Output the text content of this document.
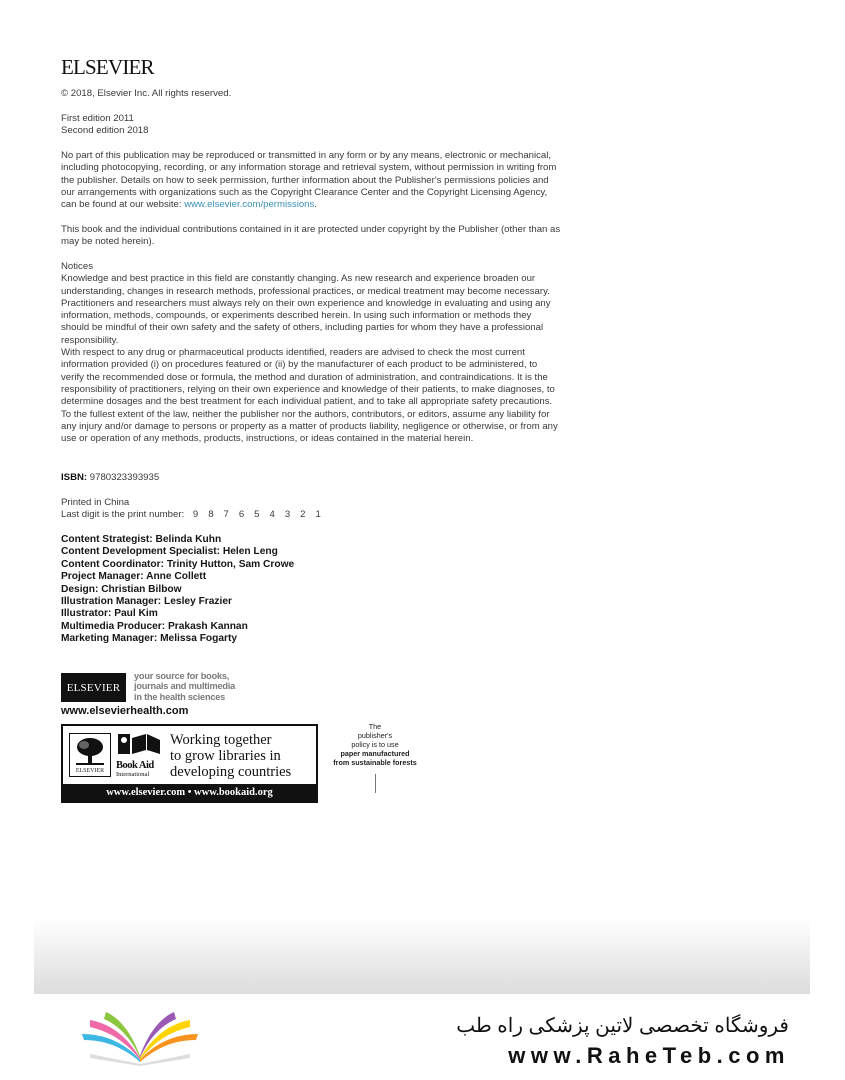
ELSEVIER
© 2018, Elsevier Inc. All rights reserved.
First edition 2011
Second edition 2018

No part of this publication may be reproduced or transmitted in any form or by any means, electronic or mechanical, including photocopying, recording, or any information storage and retrieval system, without permission in writing from the publisher. Details on how to seek permission, further information about the Publisher's permissions policies and our arrangements with organizations such as the Copyright Clearance Center and the Copyright Licensing Agency, can be found at our website: www.elsevier.com/permissions.

This book and the individual contributions contained in it are protected under copyright by the Publisher (other than as may be noted herein).

Notices

Knowledge and best practice in this field are constantly changing. As new research and experience broaden our understanding, changes in research methods, professional practices, or medical treatment may become necessary.

Practitioners and researchers must always rely on their own experience and knowledge in evaluating and using any information, methods, compounds, or experiments described herein. In using such information or methods they should be mindful of their own safety and the safety of others, including parties for whom they have a professional responsibility.

With respect to any drug or pharmaceutical products identified, readers are advised to check the most current information provided (i) on procedures featured or (ii) by the manufacturer of each product to be administered, to verify the recommended dose or formula, the method and duration of administration, and contraindications. It is the responsibility of practitioners, relying on their own experience and knowledge of their patients, to make diagnoses, to determine dosages and the best treatment for each individual patient, and to take all appropriate safety precautions.

To the fullest extent of the law, neither the publisher nor the authors, contributors, or editors, assume any liability for any injury and/or damage to persons or property as a matter of products liability, negligence or otherwise, or from any use or operation of any methods, products, instructions, or ideas contained in the material herein.

ISBN: 9780323393935
Printed in China
Last digit is the print number: 9   8   7   6   5   4   3   2   1
Content Strategist: Belinda Kuhn
Content Development Specialist: Helen Leng
Content Coordinator: Trinity Hutton, Sam Crowe
Project Manager: Anne Collett
Design: Christian Bilbow
Illustration Manager: Lesley Frazier
Illustrator: Paul Kim
Multimedia Producer: Prakash Kannan
Marketing Manager: Melissa Fogarty
ELSEVIER
your source for books,
journals and multimedia
in the health sciences
www.elsevierhealth.com
ELSEVIER	Book Aid
International
Working together
to grow libraries in
developing countries
www.elsevier.com • www.bookaid.org
The
publisher's
policy is to use
paper manufactured
from sustainable forests
فروشگاه تخصصی لاتین پزشکی راه طب
www.RaheTeb.com
